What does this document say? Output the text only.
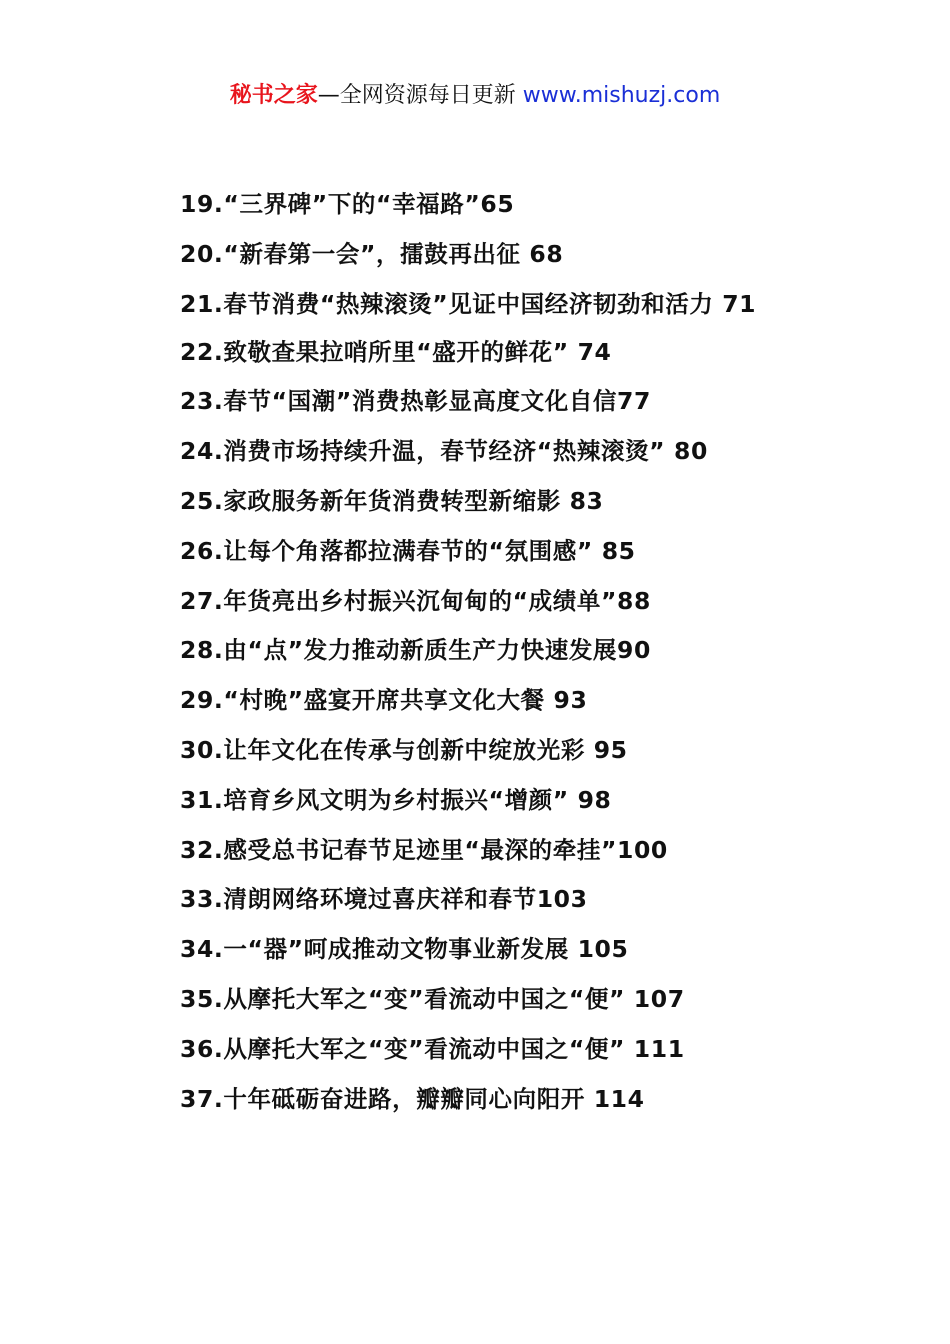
秘书之家—全网资源每日更新 www.mishuzj.com
19.“三界碑”下的“幸福路”65
20.“新春第一会”，擂鼓再出征 68
21.春节消费“热辣滚烫”见证中国经济韧劲和活力 71
22.致敬查果拉哨所里“盛开的鲜花” 74
23.春节“国潮”消费热彰显高度文化自信77
24.消费市场持续升温，春节经济“热辣滚烫” 80
25.家政服务新年货消费转型新缩影 83
26.让每个角落都拉满春节的“氛围感” 85
27.年货亮出乡村振兴沉甸甸的“成绩单”88
28.由“点”发力推动新质生产力快速发展90
29.“村晚”盛宴开席共享文化大餐 93
30.让年文化在传承与创新中绽放光彩 95
31.培育乡风文明为乡村振兴“增颜” 98
32.感受总书记春节足迹里“最深的牵挂”100
33.清朗网络环境过喜庆祥和春节103
34.一“器”呵成推动文物事业新发展 105
35.从摩托大军之“变”看流动中国之“便” 107
36.从摩托大军之“变”看流动中国之“便” 111
37.十年砥砺奋进路，瓣瓣同心向阳开 114
